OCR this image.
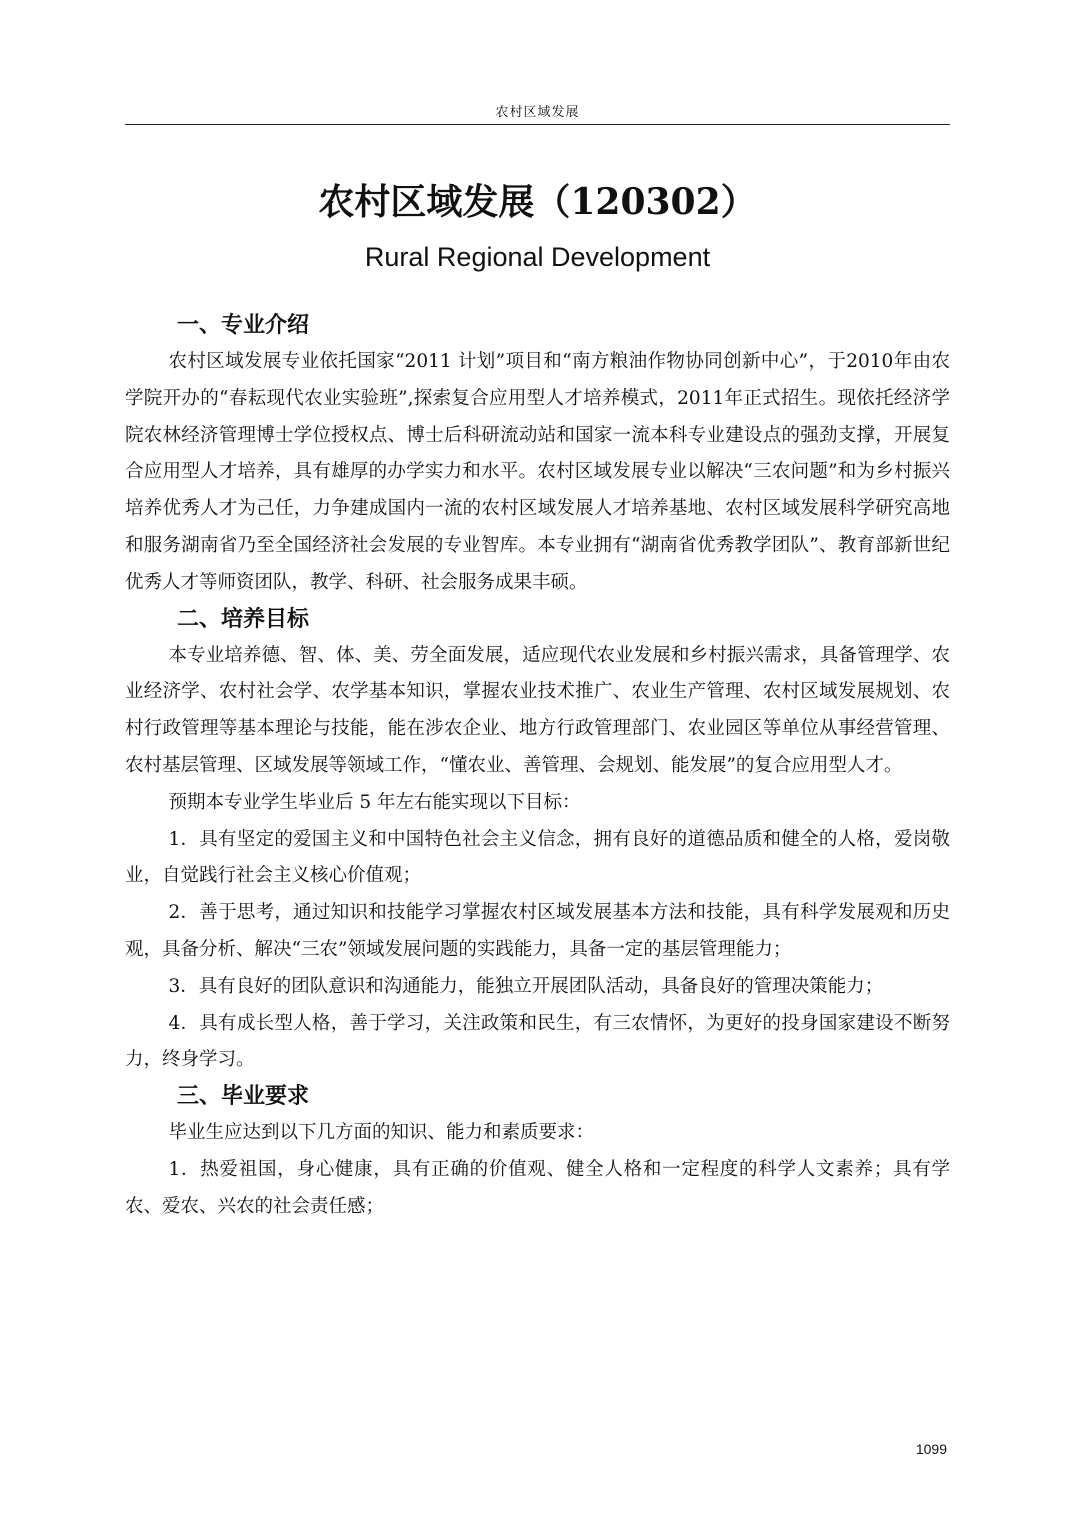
农村区域发展
农村区域发展（120302）
Rural Regional Development
一、专业介绍

农村区域发展专业依托国家“2011 计划”项目和“南方粮油作物协同创新中心”，于2010年由农学院开办的“春耘现代农业实验班”,探索复合应用型人才培养模式，2011年正式招生。现依托经济学院农林经济管理博士学位授权点、博士后科研流动站和国家一流本科专业建设点的强劲支撑，开展复合应用型人才培养，具有雄厚的办学实力和水平。农村区域发展专业以解决“三农问题”和为乡村振兴培养优秀人才为己任，力争建成国内一流的农村区域发展人才培养基地、农村区域发展科学研究高地和服务湖南省乃至全国经济社会发展的专业智库。本专业拥有“湖南省优秀教学团队”、教育部新世纪优秀人才等师资团队，教学、科研、社会服务成果丰硕。

二、培养目标

本专业培养德、智、体、美、劳全面发展，适应现代农业发展和乡村振兴需求，具备管理学、农业经济学、农村社会学、农学基本知识，掌握农业技术推广、农业生产管理、农村区域发展规划、农村行政管理等基本理论与技能，能在涉农企业、地方行政管理部门、农业园区等单位从事经营管理、农村基层管理、区域发展等领域工作，“懂农业、善管理、会规划、能发展”的复合应用型人才。

预期本专业学生毕业后 5 年左右能实现以下目标：

1．具有坚定的爱国主义和中国特色社会主义信念，拥有良好的道德品质和健全的人格，爱岗敬业，自觉践行社会主义核心价值观；

2．善于思考，通过知识和技能学习掌握农村区域发展基本方法和技能，具有科学发展观和历史观，具备分析、解决“三农”领域发展问题的实践能力，具备一定的基层管理能力；

3．具有良好的团队意识和沟通能力，能独立开展团队活动，具备良好的管理决策能力；

4．具有成长型人格，善于学习，关注政策和民生，有三农情怀，为更好的投身国家建设不断努力，终身学习。

三、毕业要求

毕业生应达到以下几方面的知识、能力和素质要求：

1．热爱祖国，身心健康，具有正确的价值观、健全人格和一定程度的科学人文素养；具有学农、爱农、兴农的社会责任感；

1099
